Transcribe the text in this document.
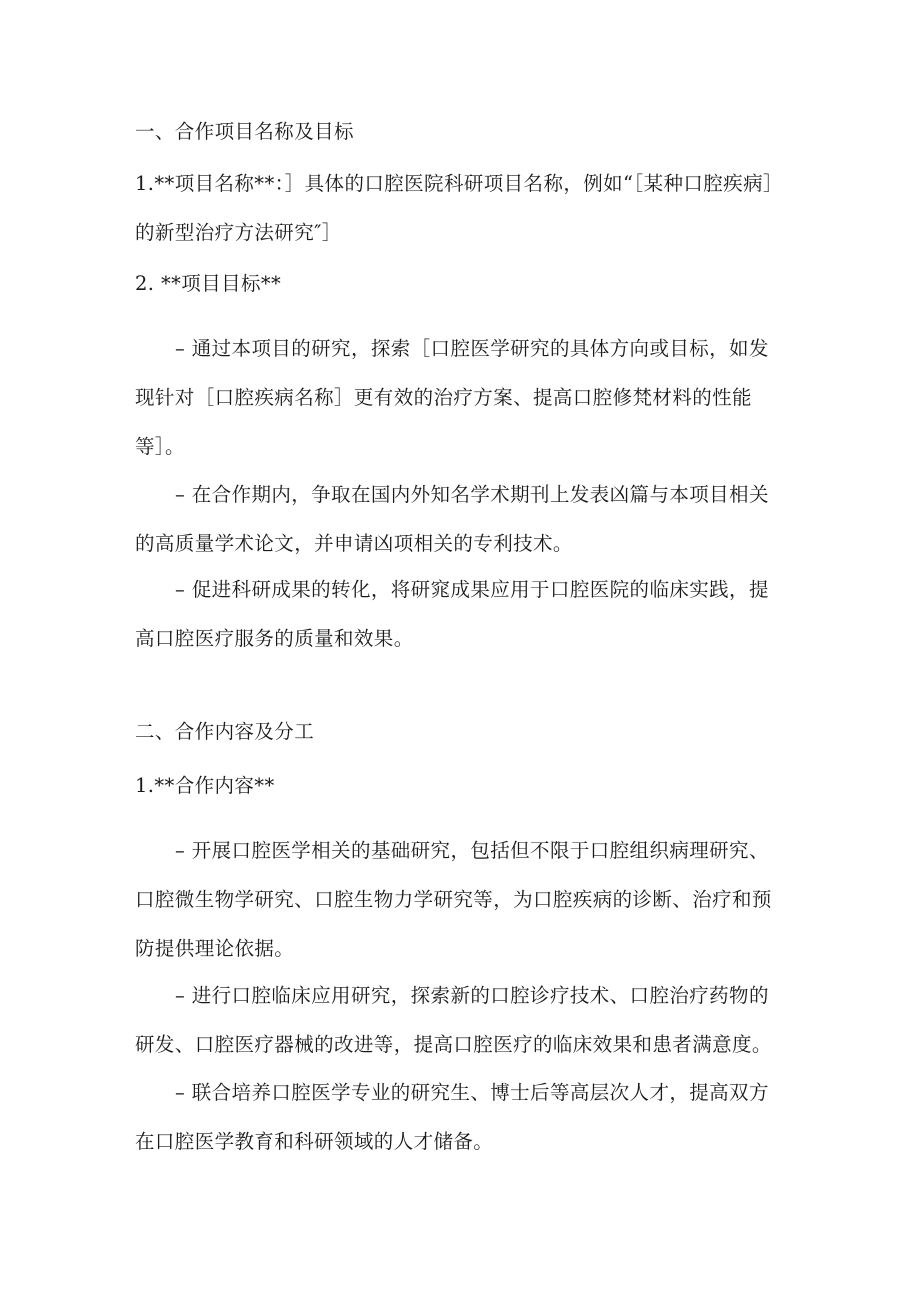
一、合作项目名称及目标

1.**项目名称**：］具体的口腔医院科研项目名称，例如“［某种口腔疾病］的新型治疗方法研究″］

2. **项目目标**

– 通过本项目的研究，探索［口腔医学研究的具体方向或目标，如发现针对［口腔疾病名称］更有效的治疗方案、提高口腔修梵材料的性能等］。

– 在合作期内，争取在国内外知名学术期刊上发表凶篇与本项目相关的高质量学术论文，并申请凶项相关的专利技术。

– 促进科研成果的转化，将研窕成果应用于口腔医院的临床实践，提高口腔医疗服务的质量和效果。

二、合作内容及分工

1.**合作内容**

– 开展口腔医学相关的基础研究，包括但不限于口腔组织病理研究、口腔微生物学研究、口腔生物力学研究等，为口腔疾病的诊断、治疗和预防提供理论依据。

– 进行口腔临床应用研究，探索新的口腔诊疗技术、口腔治疗药物的研发、口腔医疗器械的改进等，提高口腔医疗的临床效果和患者满意度。

– 联合培养口腔医学专业的研究生、博士后等高层次人才，提高双方在口腔医学教育和科研领域的人才储备。
